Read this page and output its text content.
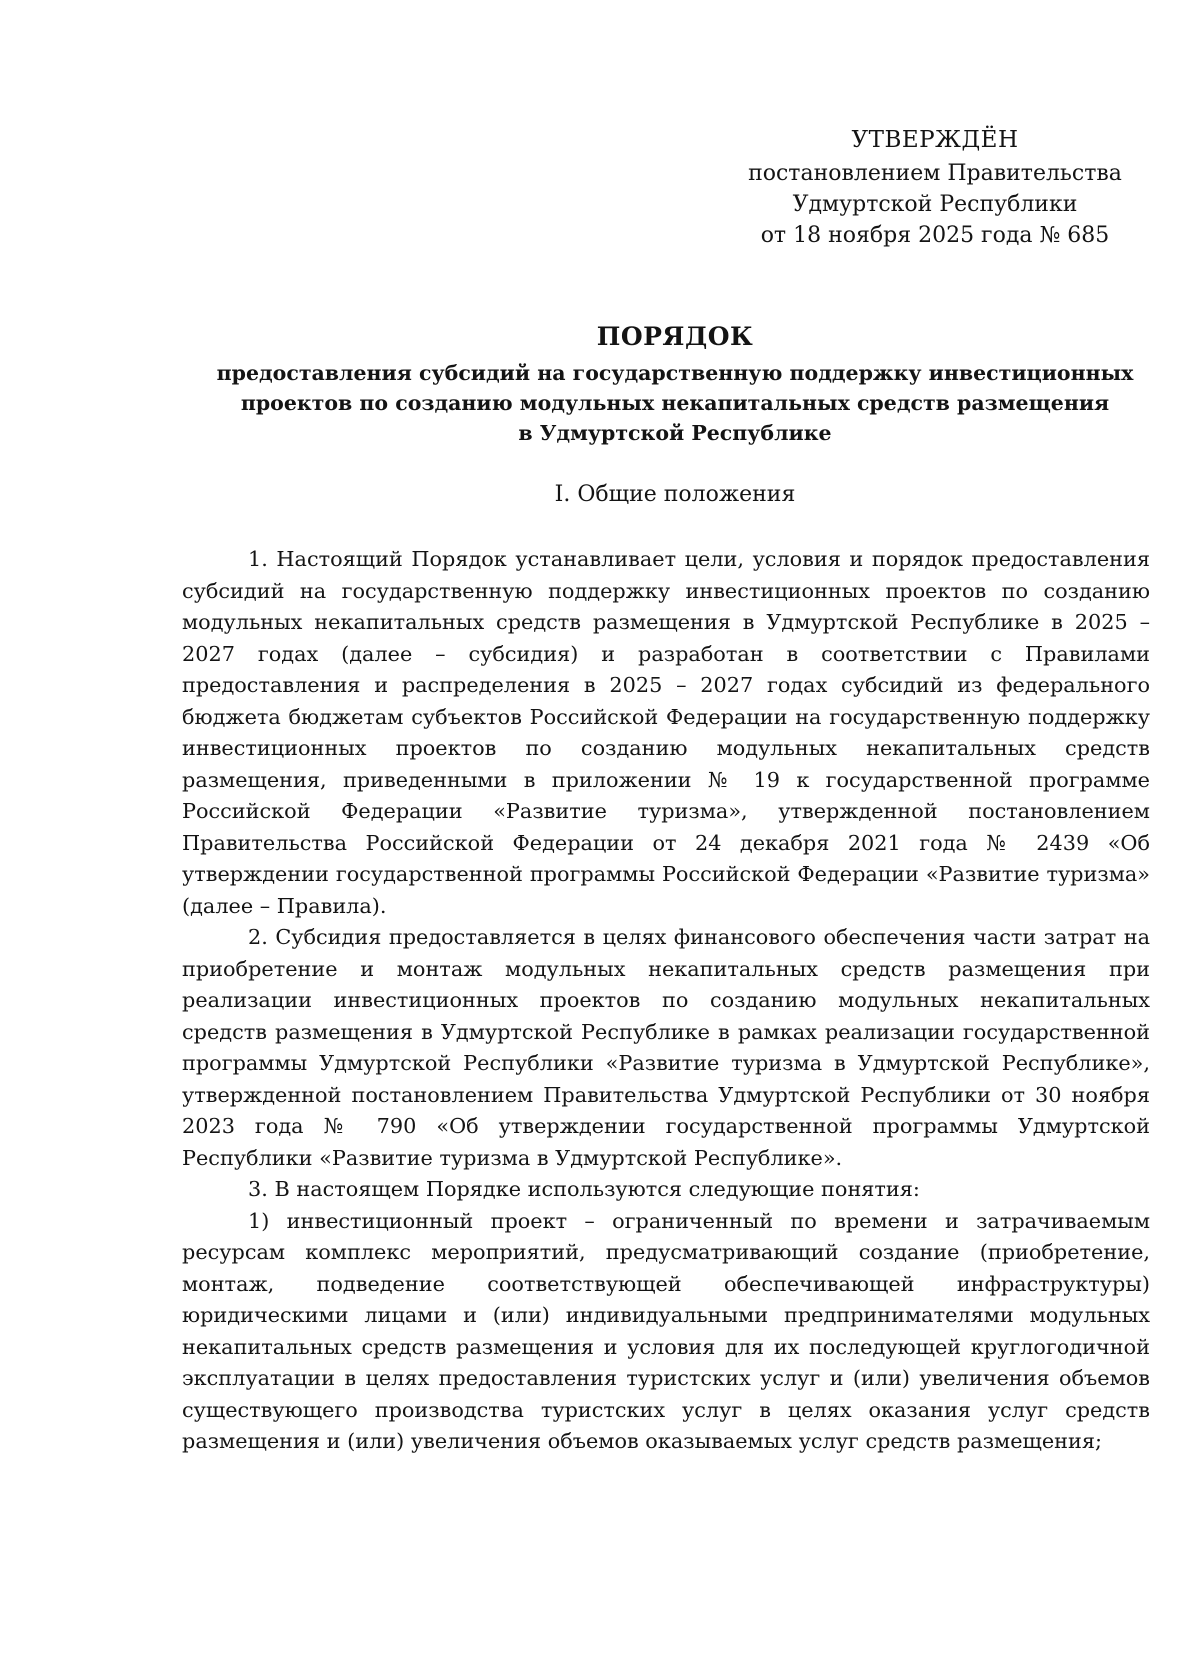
УТВЕРЖДЁН
постановлением Правительства
Удмуртской Республики
от 18 ноября 2025 года № 685
ПОРЯДОК
предоставления субсидий на государственную поддержку инвестиционных
проектов по созданию модульных некапитальных средств размещения
в Удмуртской Республике
I. Общие положения

1. Настоящий Порядок устанавливает цели, условия и порядок предоставления субсидий на государственную поддержку инвестиционных проектов по созданию модульных некапитальных средств размещения в Удмуртской Республике в 2025 – 2027 годах (далее – субсидия) и разработан в соответствии с Правилами предоставления и распределения в 2025 – 2027 годах субсидий из федерального бюджета бюджетам субъектов Российской Федерации на государственную поддержку инвестиционных проектов по созданию модульных некапитальных средств размещения, приведенными в приложении № 19 к государственной программе Российской Федерации «Развитие туризма», утвержденной постановлением Правительства Российской Федерации от 24 декабря 2021 года № 2439 «Об утверждении государственной программы Российской Федерации «Развитие туризма» (далее – Правила).

2. Субсидия предоставляется в целях финансового обеспечения части затрат на приобретение и монтаж модульных некапитальных средств размещения при реализации инвестиционных проектов по созданию модульных некапитальных средств размещения в Удмуртской Республике в рамках реализации государственной программы Удмуртской Республики «Развитие туризма в Удмуртской Республике», утвержденной постановлением Правительства Удмуртской Республики от 30 ноября 2023 года № 790 «Об утверждении государственной программы Удмуртской Республики «Развитие туризма в Удмуртской Республике».

3. В настоящем Порядке используются следующие понятия:

1) инвестиционный проект – ограниченный по времени и затрачиваемым ресурсам комплекс мероприятий, предусматривающий создание (приобретение, монтаж, подведение соответствующей обеспечивающей инфраструктуры) юридическими лицами и (или) индивидуальными предпринимателями модульных некапитальных средств размещения и условия для их последующей круглогодичной эксплуатации в целях предоставления туристских услуг и (или) увеличения объемов существующего производства туристских услуг в целях оказания услуг средств размещения и (или) увеличения объемов оказываемых услуг средств размещения;
